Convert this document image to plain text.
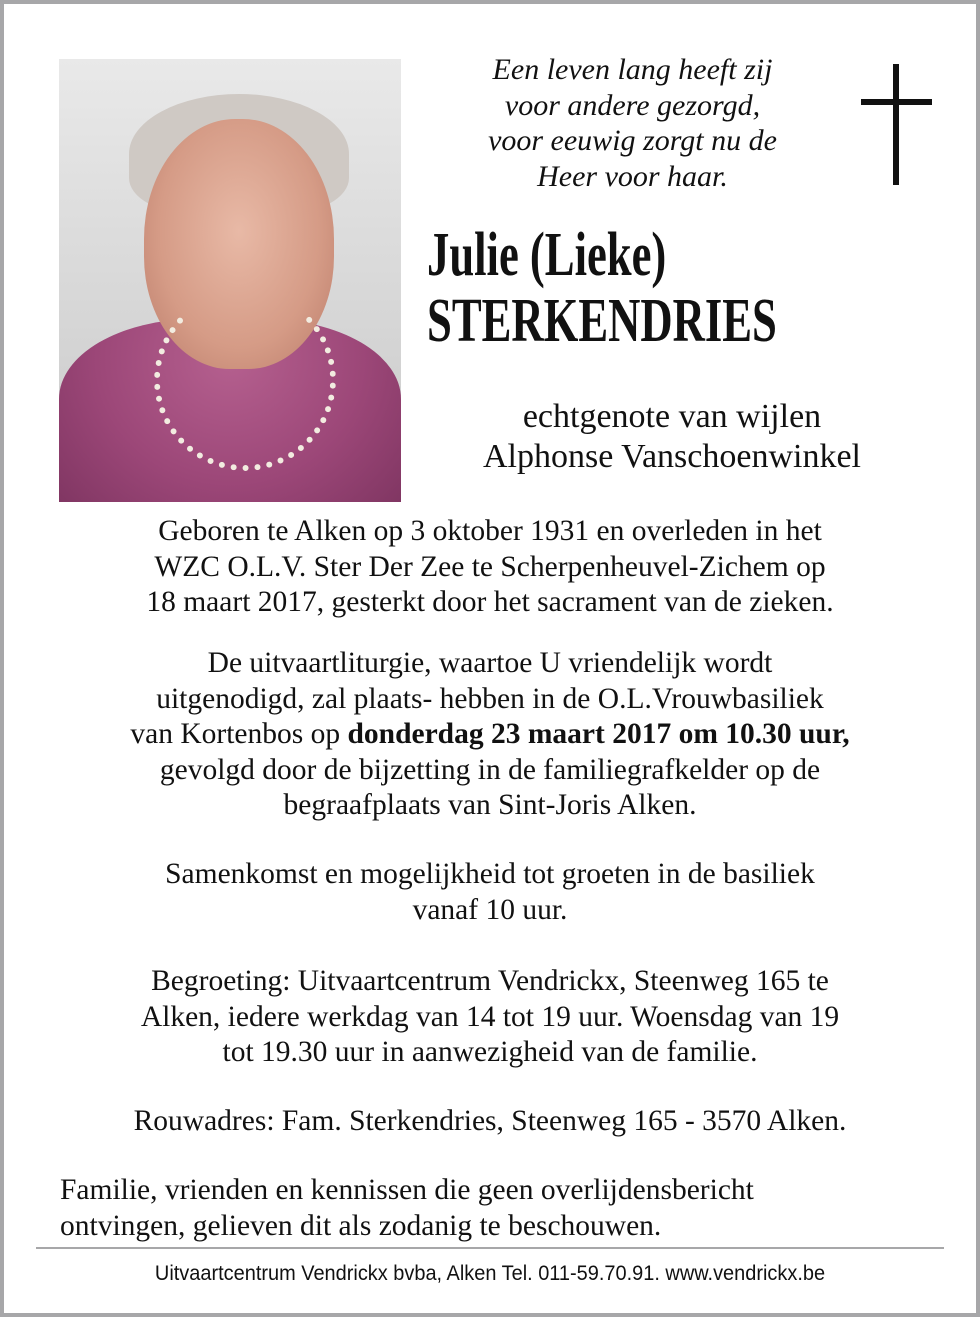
Een leven lang heeft zij
voor andere gezorgd,
voor eeuwig zorgt nu de
Heer voor haar.
Julie (Lieke)
STERKENDRIES
echtgenote van wijlen
Alphonse Vanschoenwinkel
Geboren te Alken op 3 oktober 1931 en overleden in het
WZC O.L.V. Ster Der Zee te Scherpenheuvel-Zichem op
18 maart 2017, gesterkt door het sacrament van de zieken.
De uitvaartliturgie, waartoe U vriendelijk wordt
uitgenodigd, zal plaats- hebben in de O.L.Vrouwbasiliek
van Kortenbos op donderdag 23 maart 2017 om 10.30 uur,
gevolgd door de bijzetting in de familiegrafkelder op de
begraafplaats van Sint-Joris Alken.
Samenkomst en mogelijkheid tot groeten in de basiliek
vanaf 10 uur.
Begroeting: Uitvaartcentrum Vendrickx, Steenweg 165 te
Alken, iedere werkdag van 14 tot 19 uur. Woensdag van 19
tot 19.30 uur in aanwezigheid van de familie.
Rouwadres: Fam. Sterkendries, Steenweg 165 - 3570 Alken.
Familie, vrienden en kennissen die geen overlijdensbericht
ontvingen, gelieven dit als zodanig te beschouwen.
Uitvaartcentrum Vendrickx bvba, Alken Tel. 011-59.70.91. www.vendrickx.be
